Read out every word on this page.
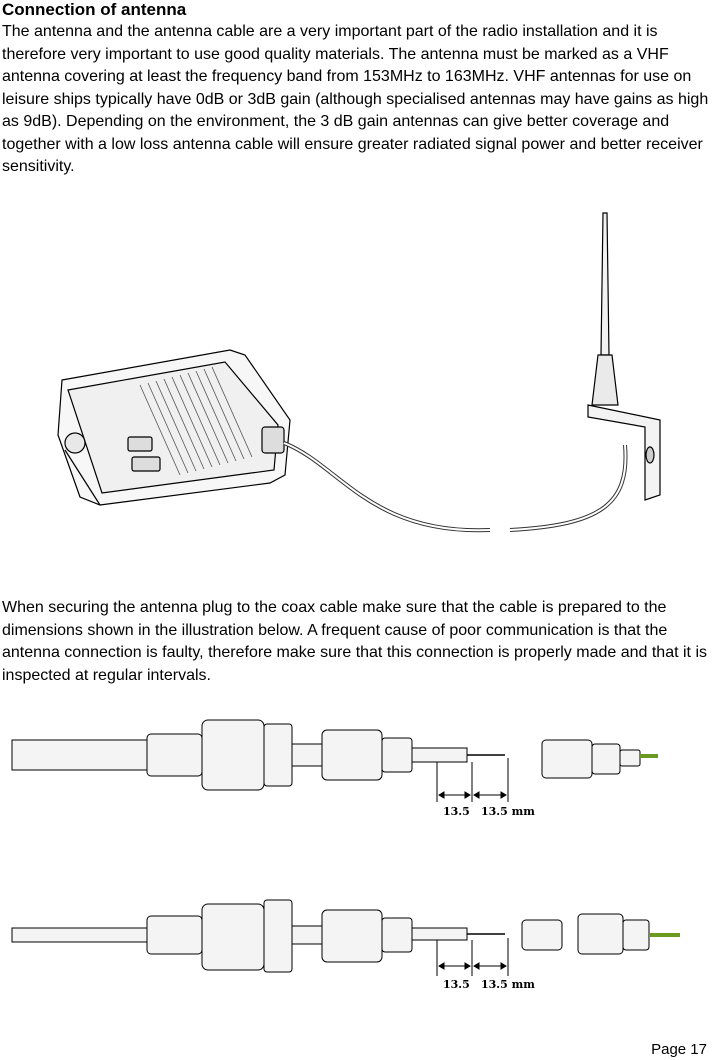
Connection of antenna

The antenna and the antenna cable are a very important part of the radio installation and it is therefore very important to use good quality materials. The antenna must be marked as a VHF antenna covering at least the frequency band from 153MHz to 163MHz. VHF antennas for use on leisure ships typically have 0dB or 3dB gain (although specialised antennas may have gains as high as 9dB). Depending on the environment, the 3 dB gain antennas can give better coverage and together with a low loss antenna cable will ensure greater radiated signal power and better receiver sensitivity.

When securing the antenna plug to the coax cable make sure that the cable is prepared to the dimensions shown in the illustration below. A frequent cause of poor communication is that the antenna connection is faulty, therefore make sure that this connection is properly made and that it is inspected at regular intervals.

13.5 13.5 mm
13.5 13.5 mm
Page 17
